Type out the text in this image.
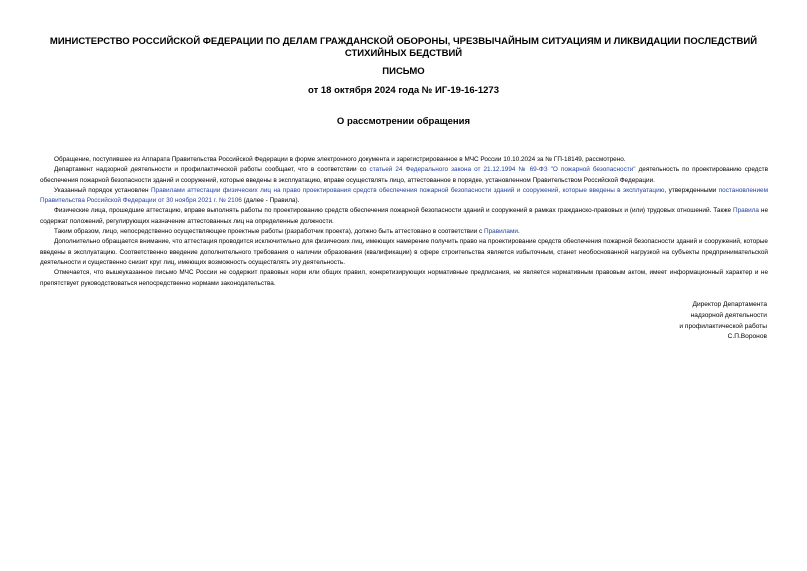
МИНИСТЕРСТВО РОССИЙСКОЙ ФЕДЕРАЦИИ ПО ДЕЛАМ ГРАЖДАНСКОЙ ОБОРОНЫ, ЧРЕЗВЫЧАЙНЫМ СИТУАЦИЯМ И ЛИКВИДАЦИИ ПОСЛЕДСТВИЙ СТИХИЙНЫХ БЕДСТВИЙ
ПИСЬМО
от 18 октября 2024 года № ИГ-19-16-1273
О рассмотрении обращения

Обращение, поступившее из Аппарата Правительства Российской Федерации в форме электронного документа и зарегистрированное в МЧС России 10.10.2024 за № ГП-18149, рассмотрено.

Департамент надзорной деятельности и профилактической работы сообщает, что в соответствии со статьей 24 Федерального закона от 21.12.1994 № 69-ФЗ "О пожарной безопасности" деятельность по проектированию средств обеспечения пожарной безопасности зданий и сооружений, которые введены в эксплуатацию, вправе осуществлять лицо, аттестованное в порядке, установленном Правительством Российской Федерации.

Указанный порядок установлен Правилами аттестации физических лиц на право проектирования средств обеспечения пожарной безопасности зданий и сооружений, которые введены в эксплуатацию, утвержденными постановлением Правительства Российской Федерации от 30 ноября 2021 г. № 2106 (далее - Правила).

Физические лица, прошедшие аттестацию, вправе выполнять работы по проектированию средств обеспечения пожарной безопасности зданий и сооружений в рамках гражданско-правовых и (или) трудовых отношений. Также Правила не содержат положений, регулирующих назначение аттестованных лиц на определенные должности.

Таким образом, лицо, непосредственно осуществляющее проектные работы (разработчик проекта), должно быть аттестовано в соответствии с Правилами.

Дополнительно обращается внимание, что аттестация проводится исключительно для физических лиц, имеющих намерение получить право на проектирование средств обеспечения пожарной безопасности зданий и сооружений, которые введены в эксплуатацию. Соответственно введение дополнительного требования о наличии образования (квалификации) в сфере строительства является избыточным, станет необоснованной нагрузкой на субъекты предпринимательской деятельности и существенно снизит круг лиц, имеющих возможность осуществлять эту деятельность.

Отмечается, что вышеуказанное письмо МЧС России не содержит правовых норм или общих правил, конкретизирующих нормативные предписания, не является нормативным правовым актом, имеет информационный характер и не препятствует руководствоваться непосредственно нормами законодательства.

Директор Департамента
надзорной деятельности
и профилактической работы
С.П.Воронов
